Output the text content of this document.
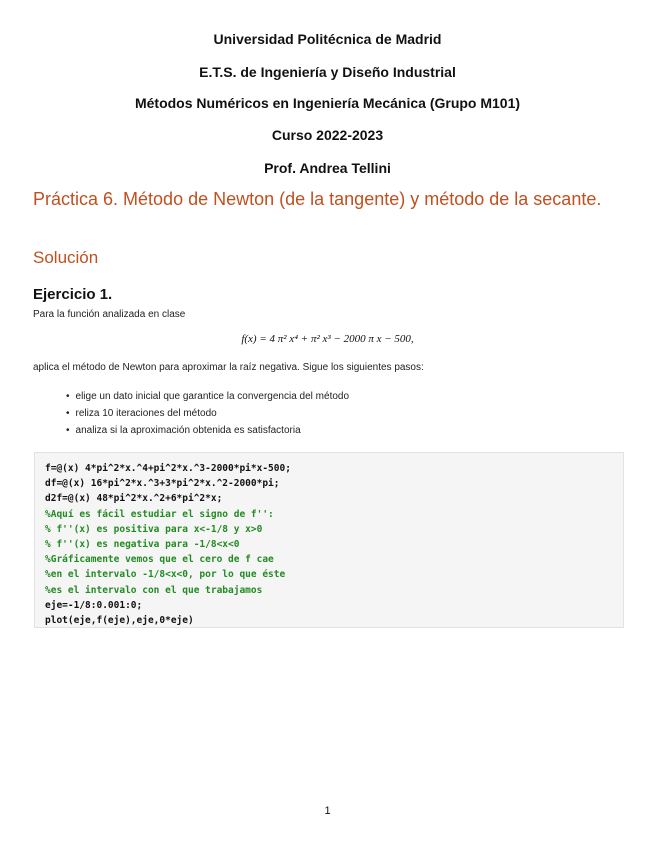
Universidad Politécnica de Madrid
E.T.S. de Ingeniería y Diseño Industrial
Métodos Numéricos en Ingeniería Mecánica (Grupo M101)
Curso 2022-2023
Prof. Andrea Tellini
Práctica 6. Método de Newton (de la tangente) y método de la secante.
Solución
Ejercicio 1.
Para la función analizada en clase
f(x) = 4 π² x⁴ + π² x³ − 2000 π x − 500,
aplica el método de Newton para aproximar la raíz negativa. Sigue los siguientes pasos:
• elige un dato inicial que garantice la convergencia del método
• reliza 10 iteraciones del método
• analiza si la aproximación obtenida es satisfactoria
f=@(x) 4*pi^2*x.^4+pi^2*x.^3-2000*pi*x-500;
df=@(x) 16*pi^2*x.^3+3*pi^2*x.^2-2000*pi;
d2f=@(x) 48*pi^2*x.^2+6*pi^2*x;
%Aquí es fácil estudiar el signo de f'':
% f''(x) es positiva para x<-1/8 y x>0
% f''(x) es negativa para -1/8<x<0
%Gráficamente vemos que el cero de f cae
%en el intervalo -1/8<x<0, por lo que éste
%es el intervalo con el que trabajamos
eje=-1/8:0.001:0;
plot(eje,f(eje),eje,0*eje)
1
